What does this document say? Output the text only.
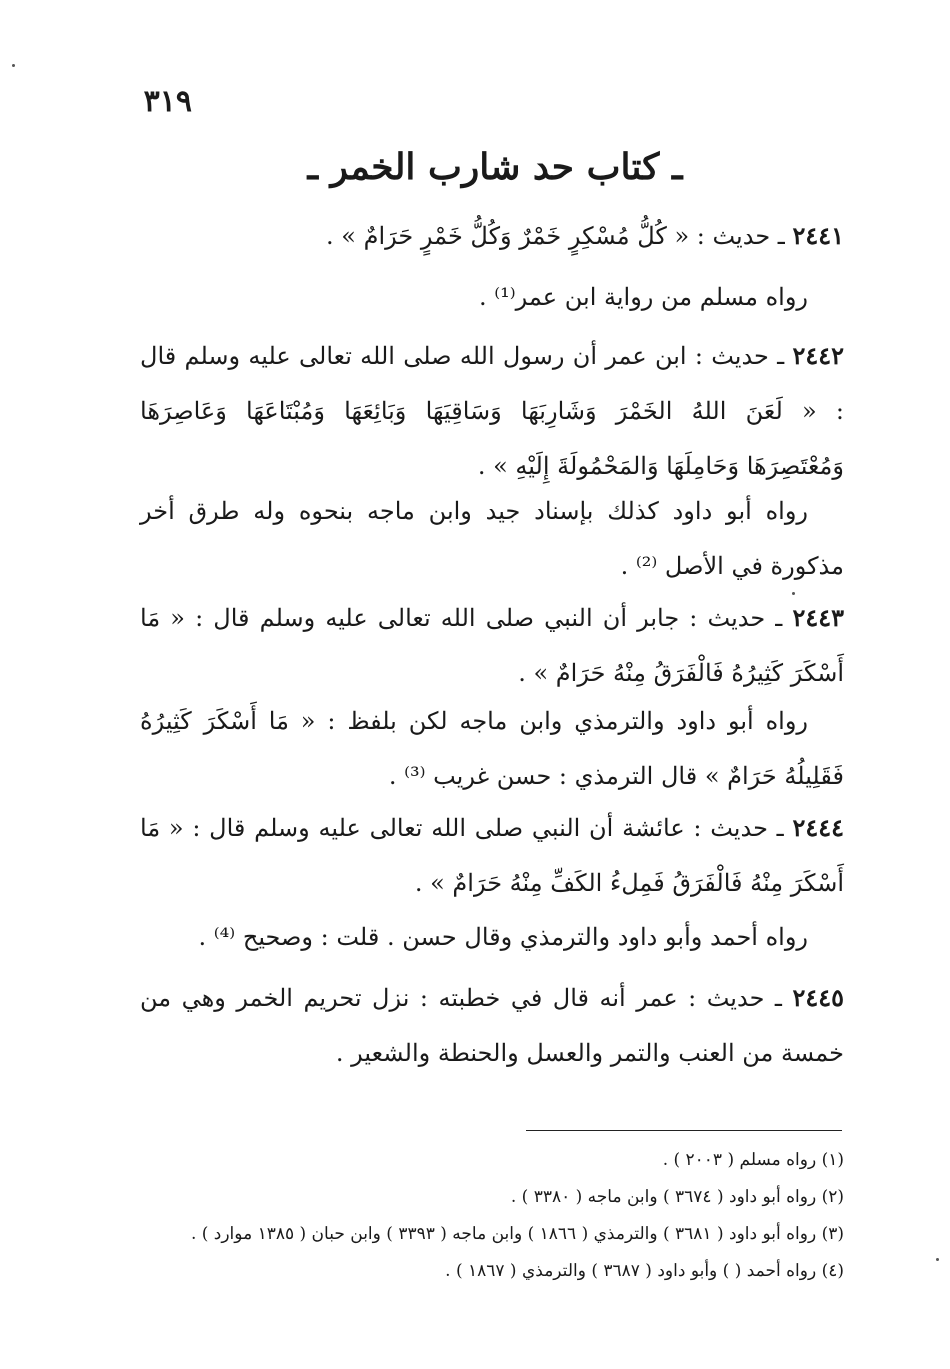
٣١٩
ـ كتاب حد شارب الخمر ـ
٢٤٤١ ـ حديث : « كُلُّ مُسْكِرٍ خَمْرٌ وَكُلُّ خَمْرٍ حَرَامٌ » .
رواه مسلم من رواية ابن عمر⁽¹⁾ .
٢٤٤٢ ـ حديث : ابن عمر أن رسول الله صلى الله تعالى عليه وسلم قال : « لَعَنَ اللهُ الخَمْرَ وَشَارِبَهَا وَسَاقِيَهَا وَبَائِعَهَا وَمُبْتَاعَهَا وَعَاصِرَهَا وَمُعْتَصِرَهَا وَحَامِلَهَا وَالمَحْمُولَةَ إِلَيْهِ » .
رواه أبو داود كذلك بإسناد جيد وابن ماجه بنحوه وله طرق أخر مذكورة في الأصل ⁽²⁾ .
٢٤٤٣ ـ حديث : جابر أن النبي صلى الله تعالى عليه وسلم قال : « مَا أَسْكَرَ كَثِيرُهُ فَالْفَرَقُ مِنْهُ حَرَامٌ » .
رواه أبو داود والترمذي وابن ماجه لكن بلفظ : « مَا أَسْكَرَ كَثِيرُهُ فَقَلِيلُهُ حَرَامٌ » قال الترمذي : حسن غريب ⁽³⁾ .
٢٤٤٤ ـ حديث : عائشة أن النبي صلى الله تعالى عليه وسلم قال : « مَا أَسْكَرَ مِنْهُ فَالْفَرَقُ فَمِلءُ الكَفِّ مِنْهُ حَرَامٌ » .
رواه أحمد وأبو داود والترمذي وقال حسن . قلت : وصحيح ⁽⁴⁾ .
٢٤٤٥ ـ حديث : عمر أنه قال في خطبته : نزل تحريم الخمر وهي من خمسة من العنب والتمر والعسل والحنطة والشعير .
(١) رواه مسلم ( ٢٠٠٣ ) .
(٢) رواه أبو داود ( ٣٦٧٤ ) وابن ماجه ( ٣٣٨٠ ) .
(٣) رواه أبو داود ( ٣٦٨١ ) والترمذي ( ١٨٦٦ ) وابن ماجه ( ٣٣٩٣ ) وابن حبان ( ١٣٨٥ موارد ) .
(٤) رواه أحمد ( ) وأبو داود ( ٣٦٨٧ ) والترمذي ( ١٨٦٧ ) .
